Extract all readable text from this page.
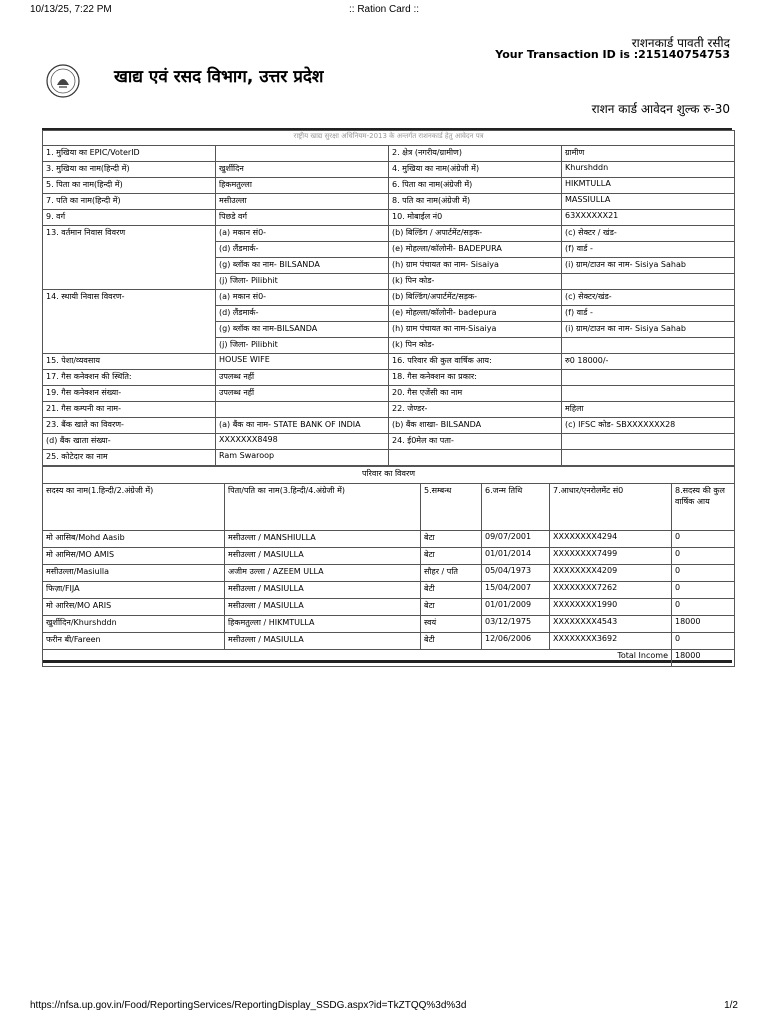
10/13/25, 7:22 PM	:: Ration Card ::
खाद्य एवं रसद विभाग, उत्तर प्रदेश
राशनकार्ड पावती रसीद
Your Transaction ID is :215140754753
राशन कार्ड आवेदन शुल्क रु-30
राष्ट्रीय खाद्य सुरक्षा अधिनियम-2013 के अन्तर्गत राशनकार्ड हेतु आवेदन पत्र			
1. मुखिया का EPIC/VoterID		2. क्षेत्र (नगरीय/ग्रामीण)	ग्रामीण
3. मुखिया का नाम(हिन्दी में)	खुर्शीदिन	4. मुखिया का नाम(अंग्रेजी में)	Khurshddn
5. पिता का नाम(हिन्दी में)	हिकमतुल्ला	6. पिता का नाम(अंग्रेजी में)	HIKMTULLA
7. पति का नाम(हिन्दी में)	मसीउल्ला	8. पति का नाम(अंग्रेजी में)	MASSIULLA
9. वर्ग	पिछडे वर्ग	10. मोबाईल नं0	63XXXXXX21
13. वर्तमान निवास विवरण	(a) मकान सं0-	(b) बिल्डिंग / अपार्टमेंट/सड़क-	(c) सेक्टर / खंड-
	(d) लैंडमार्क-	(e) मोहल्ला/कॉलोनी- BADEPURA	(f) वार्ड -
	(g) ब्लॉक का नाम- BILSANDA	(h) ग्राम पंचायत का नाम- Sisaiya	(i) ग्राम/टाउन का नाम- Sisiya Sahab
	(j) जिला- Pilibhit	(k) पिन कोड-	
14. स्थायी निवास विवरण-	(a) मकान सं0-	(b) बिल्डिंग/अपार्टमेंट/सड़क-	(c) सेक्टर/खंड-
	(d) लैंडमार्क-	(e) मोहल्ला/कॉलोनी- badepura	(f) वार्ड -
	(g) ब्लॉक का नाम-BILSANDA	(h) ग्राम पंचायत का नाम-Sisaiya	(i) ग्राम/टाउन का नाम- Sisiya Sahab
	(j) जिला- Pilibhit	(k) पिन कोड-	
15. पेशा/व्यवसाय	HOUSE WIFE	16. परिवार की कुल वार्षिक आय:	रु0 18000/-
17. गैस कनेक्शन की स्थिति:	उपलब्ध नहीं	18. गैस कनेक्शन का प्रकार:	
19. गैस कनेक्शन संख्या-	उपलब्ध नहीं	20. गैस एजेंसी का नाम	
21. गैस कम्पनी का नाम-		22. जेण्डर-	महिला
23. बैंक खाते का विवरण-	(a) बैंक का नाम- STATE BANK OF INDIA	(b) बैंक शाखा- BILSANDA	(c) IFSC कोड- SBXXXXXXX28
(d) बैंक खाता संख्या-	XXXXXXX8498	24. ई0मेल का पता-	
25. कोटेदार का नाम	Ram Swaroop		
परिवार का विवरण					
सदस्य का नाम(1.हिन्दी/2.अंग्रेजी में)	पिता/पति का नाम(3.हिन्दी/4.अंग्रेजी में)	5.सम्बन्ध	6.जन्म तिथि	7.आधार/एनरोलमेंट सं0	8.सदस्य की कुल वार्षिक आय
मो आसिब/Mohd Aasib	मसीउल्ला / MANSHIULLA	बेटा	09/07/2001	XXXXXXXX4294	0
मो आमिस/MO AMIS	मसीउल्ला / MASIULLA	बेटा	01/01/2014	XXXXXXXX7499	0
मसीउल्ला/Masiulla	अजीम उल्ला / AZEEM ULLA	सौहर / पति	05/04/1973	XXXXXXXX4209	0
फिज़ा/FIJA	मसीउल्ला / MASIULLA	बेटी	15/04/2007	XXXXXXXX7262	0
मो आरिस/MO ARIS	मसीउल्ला / MASIULLA	बेटा	01/01/2009	XXXXXXXX1990	0
खुर्शीदिन/Khurshddn	हिकमतुल्ला / HIKMTULLA	स्वयं	03/12/1975	XXXXXXXX4543	18000
फरीन बी/Fareen	मसीउल्ला / MASIULLA	बेटी	12/06/2006	XXXXXXXX3692	0
Total Income					18000
https://nfsa.up.gov.in/Food/ReportingServices/ReportingDisplay_SSDG.aspx?id=TkZTQQ%3d%3d	1/2
